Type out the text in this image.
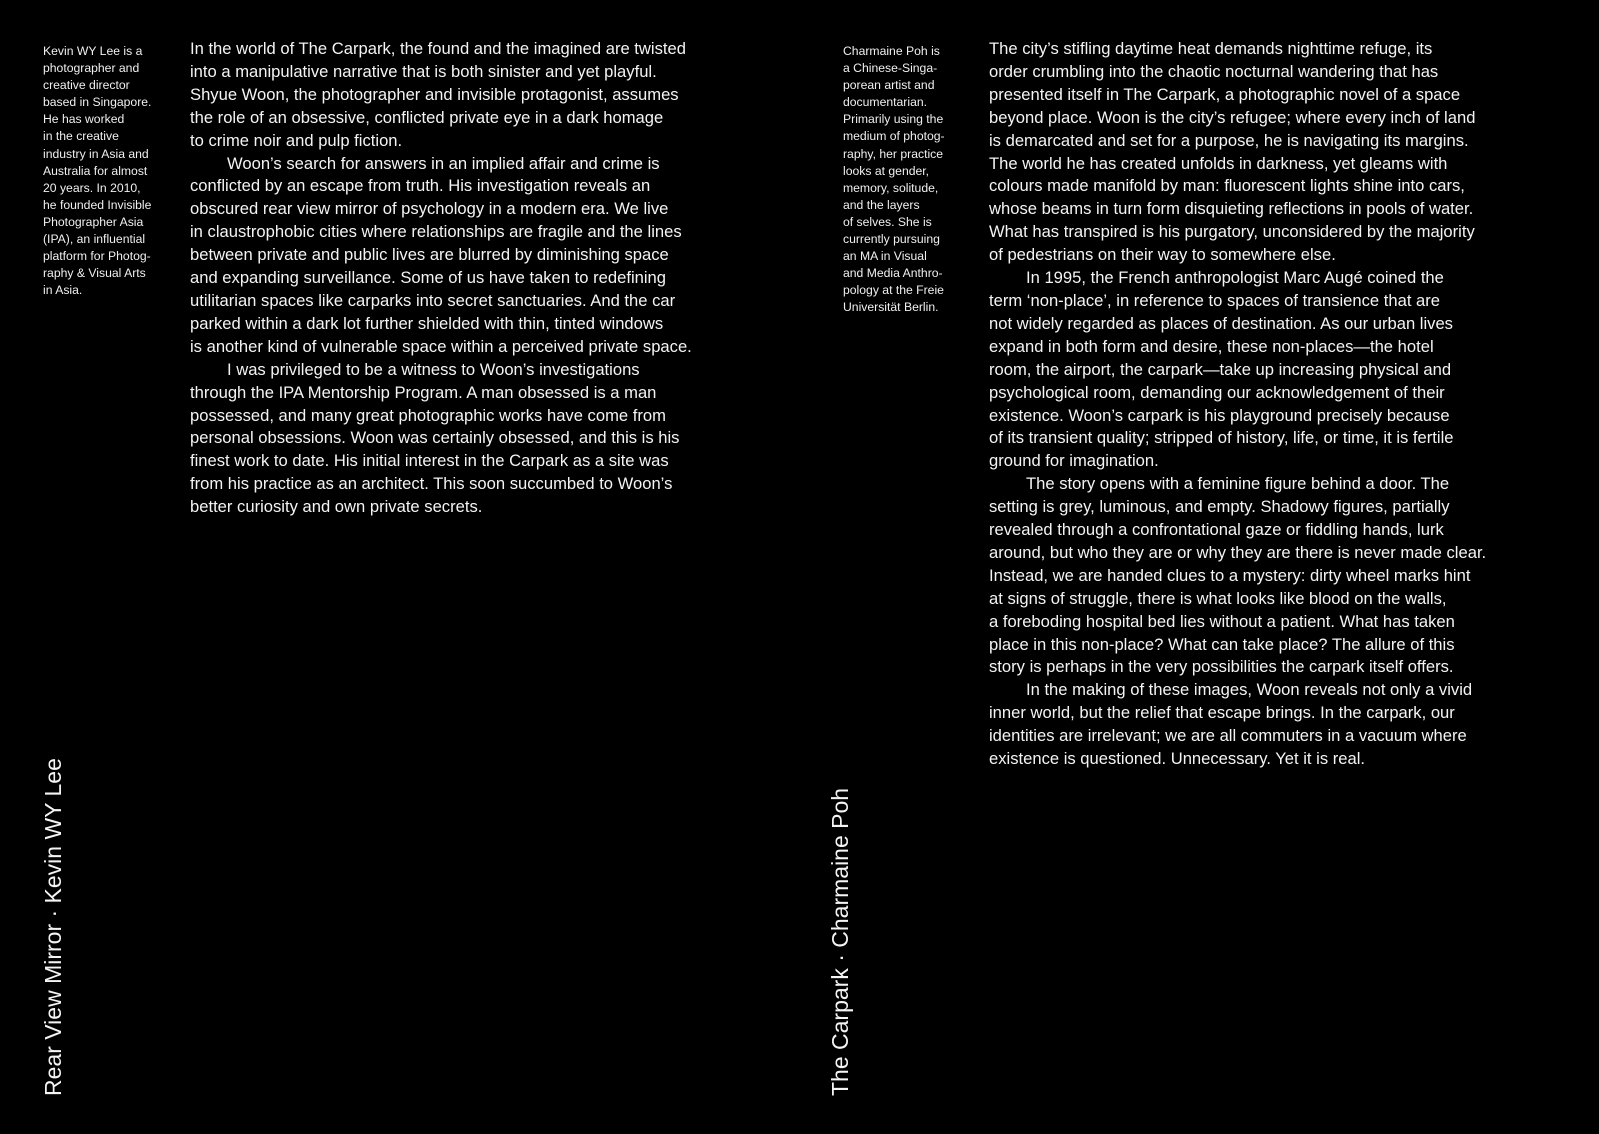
Kevin WY Lee is a
photographer and
creative director
based in Singapore.
He has worked
in the creative
industry in Asia and
Australia for almost
20 years. In 2010,
he founded Invisible
Photographer Asia
(IPA), an influential
platform for Photog-
raphy & Visual Arts
in Asia.

In the world of The Carpark, the found and the imagined are twisted
into a manipulative narrative that is both sinister and yet playful.
Shyue Woon, the photographer and invisible protagonist, assumes
the role of an obsessive, conflicted private eye in a dark homage
to crime noir and pulp fiction.

Woon’s search for answers in an implied affair and crime is
conflicted by an escape from truth. His investigation reveals an
obscured rear view mirror of psychology in a modern era. We live
in claustrophobic cities where relationships are fragile and the lines
between private and public lives are blurred by diminishing space
and expanding surveillance. Some of us have taken to redefining
utilitarian spaces like carparks into secret sanctuaries. And the car
parked within a dark lot further shielded with thin, tinted windows
is another kind of vulnerable space within a perceived private space.

I was privileged to be a witness to Woon’s investigations
through the IPA Mentorship Program. A man obsessed is a man
possessed, and many great photographic works have come from
personal obsessions. Woon was certainly obsessed, and this is his
finest work to date. His initial interest in the Carpark as a site was
from his practice as an architect. This soon succumbed to Woon’s
better curiosity and own private secrets.

Rear View Mirror · Kevin WY Lee
Charmaine Poh is
a Chinese-Singa-
porean artist and
documentarian.
Primarily using the
medium of photog-
raphy, her practice
looks at gender,
memory, solitude,
and the layers
of selves. She is
currently pursuing
an MA in Visual
and Media Anthro-
pology at the Freie
Universität Berlin.

The city’s stifling daytime heat demands nighttime refuge, its
order crumbling into the chaotic nocturnal wandering that has
presented itself in The Carpark, a photographic novel of a space
beyond place. Woon is the city’s refugee; where every inch of land
is demarcated and set for a purpose, he is navigating its margins.
The world he has created unfolds in darkness, yet gleams with
colours made manifold by man: fluorescent lights shine into cars,
whose beams in turn form disquieting reflections in pools of water.
What has transpired is his purgatory, unconsidered by the majority
of pedestrians on their way to somewhere else.

In 1995, the French anthropologist Marc Augé coined the
term ‘non-place’, in reference to spaces of transience that are
not widely regarded as places of destination. As our urban lives
expand in both form and desire, these non-places—the hotel
room, the airport, the carpark—take up increasing physical and
psychological room, demanding our acknowledgement of their
existence. Woon’s carpark is his playground precisely because
of its transient quality; stripped of history, life, or time, it is fertile
ground for imagination.

The story opens with a feminine figure behind a door. The
setting is grey, luminous, and empty. Shadowy figures, partially
revealed through a confrontational gaze or fiddling hands, lurk
around, but who they are or why they are there is never made clear.
Instead, we are handed clues to a mystery: dirty wheel marks hint
at signs of struggle, there is what looks like blood on the walls,
a foreboding hospital bed lies without a patient. What has taken
place in this non-place? What can take place? The allure of this
story is perhaps in the very possibilities the carpark itself offers.

In the making of these images, Woon reveals not only a vivid
inner world, but the relief that escape brings. In the carpark, our
identities are irrelevant; we are all commuters in a vacuum where
existence is questioned. Unnecessary. Yet it is real.

The Carpark · Charmaine Poh
